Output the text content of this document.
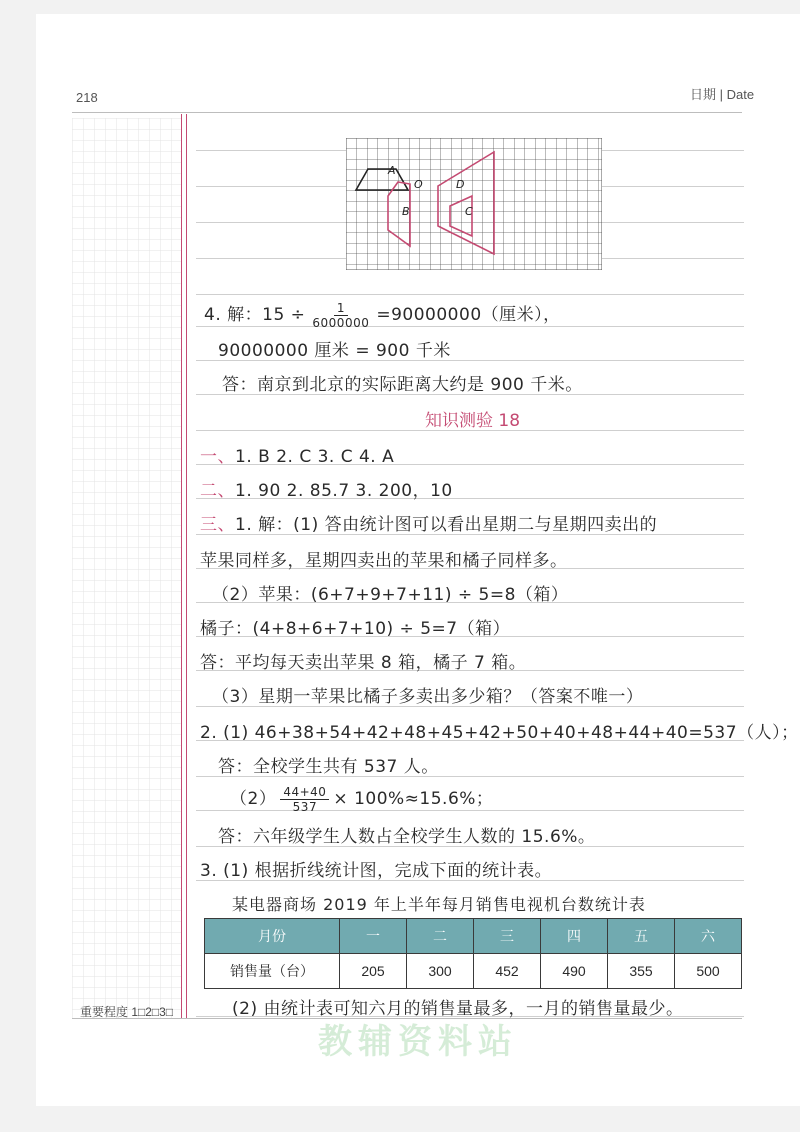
218	日期 | Date
A
O
B
D
C
4. 解：$15 \div \frac{1}{6000000} =90000000$（厘米），
90000000 厘米 = 900 千米
答：南京到北京的实际距离大约是 900 千米。
知识测验 18
一、1. B 2. C 3. C 4. A
二、1. 90 2. 85.7 3. 200，10
三、1. 解：(1) 答由统计图可以看出星期二与星期四卖出的
苹果同样多，星期四卖出的苹果和橘子同样多。
（2）苹果：(6+7+9+7+11) ÷ 5=8（箱）
橘子：(4+8+6+7+10) ÷ 5=7（箱）
答：平均每天卖出苹果 8 箱，橘子 7 箱。
（3）星期一苹果比橘子多卖出多少箱？（答案不唯一）
2. (1) 46+38+54+42+48+45+42+50+40+48+44+40=537（人）；
答：全校学生共有 537 人。
$(2) \frac{44+40}{537} \times 100\%\approx 15.6\%$；
答：六年级学生人数占全校学生人数的 15.6%。
3. (1) 根据折线统计图，完成下面的统计表。
某电器商场 2019 年上半年每月销售电视机台数统计表
月份	一	二	三	四	五	六
销售量（台）	205	300	452	490	355	500
(2) 由统计表可知六月的销售量最多，一月的销售量最少。
重要程度 1□2□3□
教辅资料站
